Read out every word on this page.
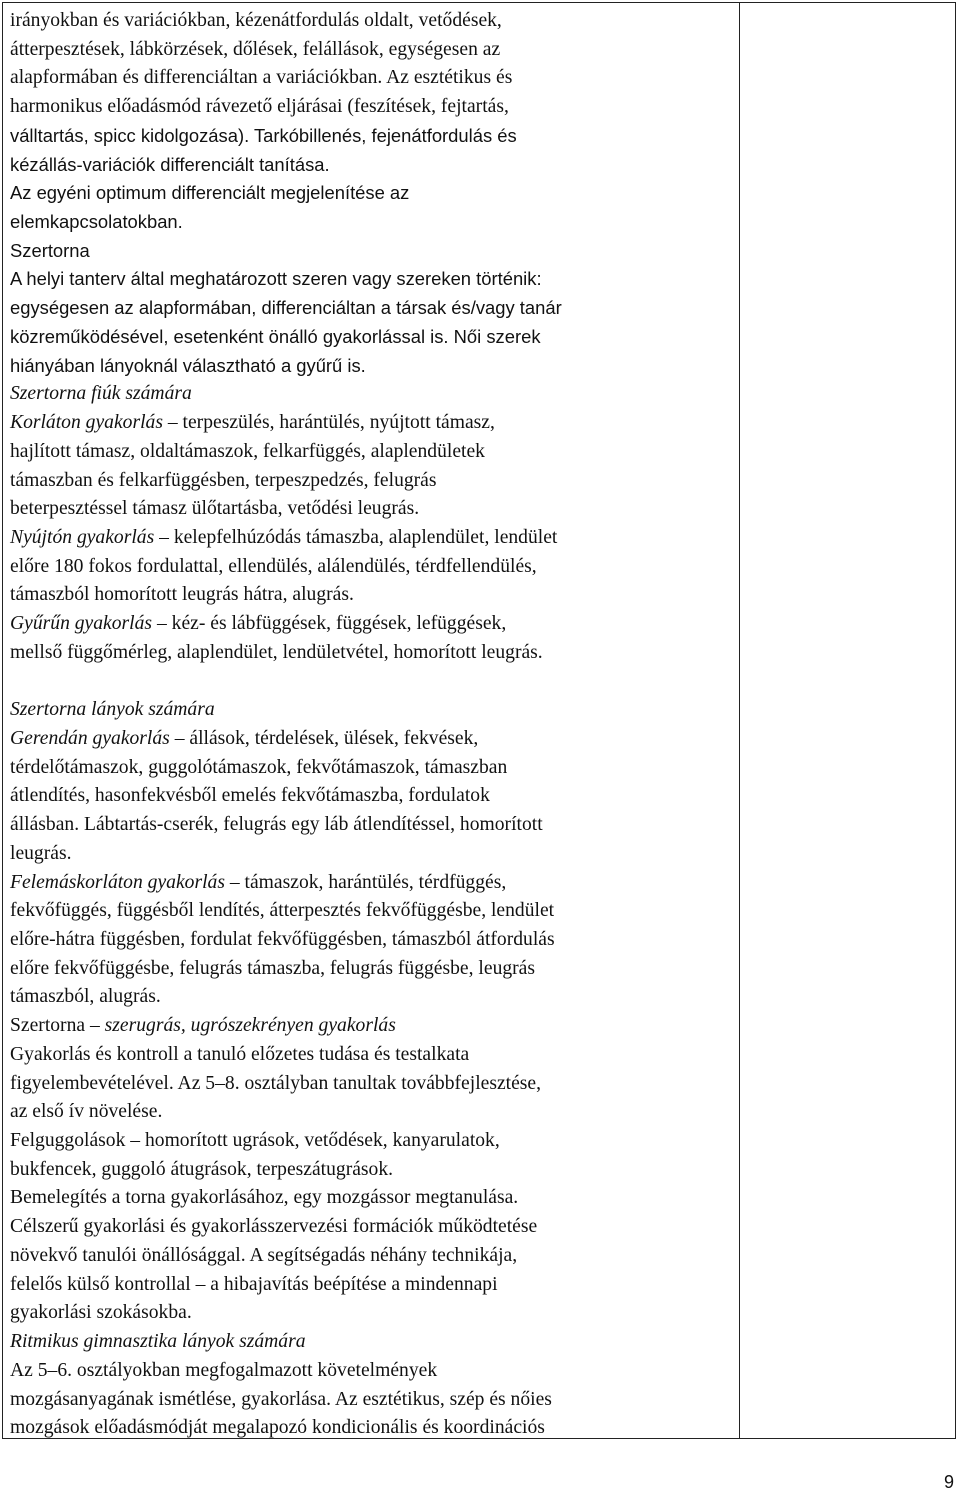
irányokban és variációkban, kézenátfordulás oldalt, vetődések,
átterpesztések, lábkörzések, dőlések, felállások, egységesen az
alapformában és differenciáltan a variációkban. Az esztétikus és
harmonikus előadásmód rávezető eljárásai (feszítések, fejtartás,
válltartás, spicc kidolgozása). Tarkóbillenés, fejenátfordulás és
kézállás-variációk differenciált tanítása.
Az egyéni optimum differenciált megjelenítése az
elemkapcsolatokban.
Szertorna
A helyi tanterv által meghatározott szeren vagy szereken történik:
egységesen az alapformában, differenciáltan a társak és/vagy tanár
közreműködésével, esetenként önálló gyakorlással is. Női szerek
hiányában lányoknál választható a gyűrű is.
Szertorna fiúk számára
Korláton gyakorlás – terpeszülés, harántülés, nyújtott támasz,
hajlított támasz, oldaltámaszok, felkarfüggés, alaplendületek
támaszban és felkarfüggésben, terpeszpedzés, felugrás
beterpesztéssel támasz ülőtartásba, vetődési leugrás.
Nyújtón gyakorlás – kelepfelhúzódás támaszba, alaplendület, lendület
előre 180 fokos fordulattal, ellendülés, alálendülés, térdfellendülés,
támaszból homorított leugrás hátra, alugrás.
Gyűrűn gyakorlás – kéz- és lábfüggések, függések, lefüggések,
mellső függőmérleg, alaplendület, lendületvétel, homorított leugrás.
Szertorna lányok számára
Gerendán gyakorlás – állások, térdelések, ülések, fekvések,
térdelőtámaszok, guggolótámaszok, fekvőtámaszok, támaszban
átlendítés, hasonfekvésből emelés fekvőtámaszba, fordulatok
állásban. Lábtartás-cserék, felugrás egy láb átlendítéssel, homorított
leugrás.
Felemáskorláton gyakorlás – támaszok, harántülés, térdfüggés,
fekvőfüggés, függésből lendítés, átterpesztés fekvőfüggésbe, lendület
előre-hátra függésben, fordulat fekvőfüggésben, támaszból átfordulás
előre fekvőfüggésbe, felugrás támaszba, felugrás függésbe, leugrás
támaszból, alugrás.
Szertorna – szerugrás, ugrószekrényen gyakorlás
Gyakorlás és kontroll a tanuló előzetes tudása és testalkata
figyelembevételével. Az 5–8. osztályban tanultak továbbfejlesztése,
az első ív növelése.
Felguggolások – homorított ugrások, vetődések, kanyarulatok,
bukfencek, guggoló átugrások, terpeszátugrások.
Bemelegítés a torna gyakorlásához, egy mozgássor megtanulása.
Célszerű gyakorlási és gyakorlásszervezési formációk működtetése
növekvő tanulói önállósággal. A segítségadás néhány technikája,
felelős külső kontrollal – a hibajavítás beépítése a mindennapi
gyakorlási szokásokba.
Ritmikus gimnasztika lányok számára
Az 5–6. osztályokban megfogalmazott követelmények
mozgásanyagának ismétlése, gyakorlása. Az esztétikus, szép és nőies
mozgások előadásmódját megalapozó kondicionális és koordinációs
9
